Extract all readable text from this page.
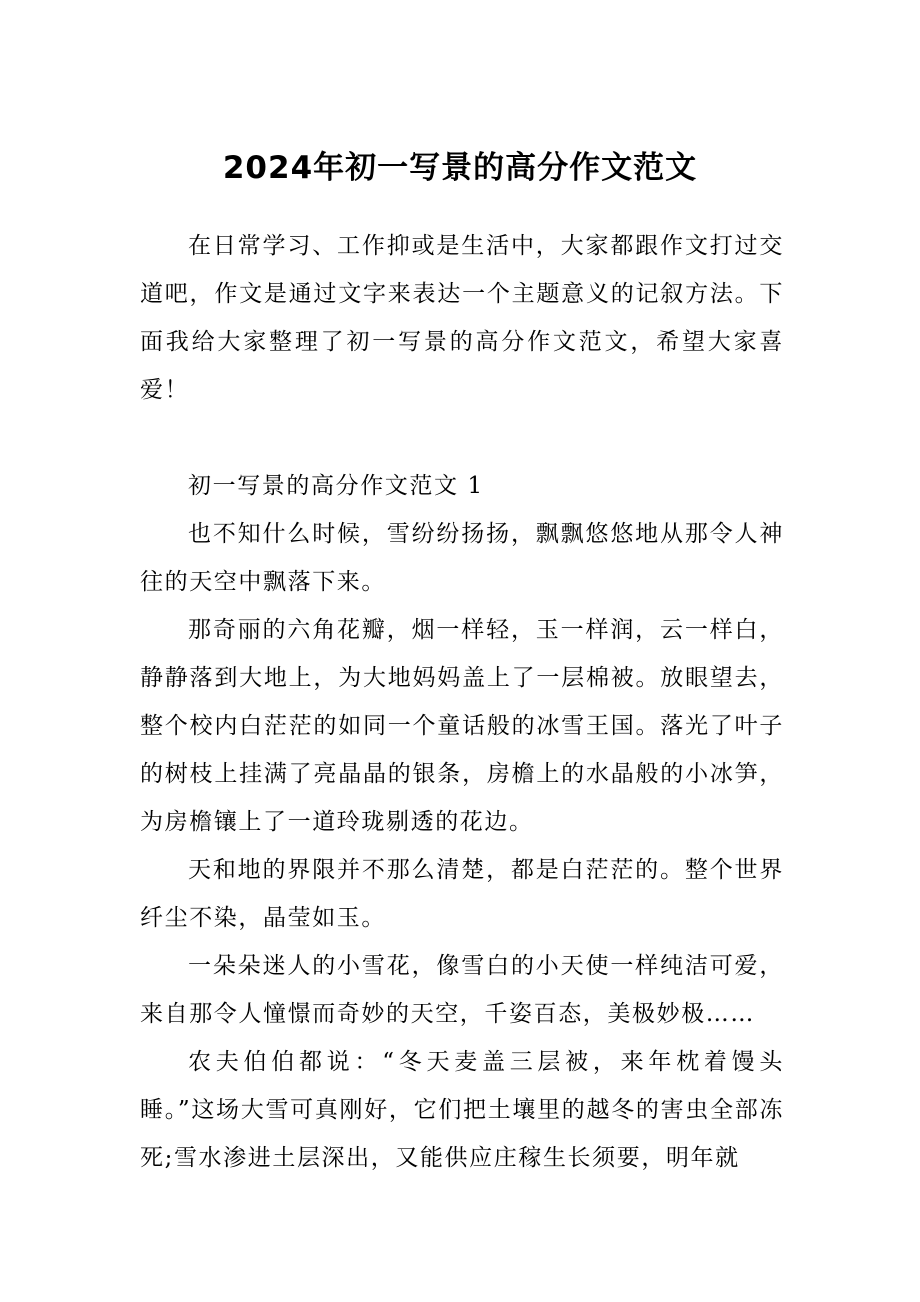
2024年初一写景的高分作文范文

在日常学习、工作抑或是生活中，大家都跟作文打过交道吧，作文是通过文字来表达一个主题意义的记叙方法。下面我给大家整理了初一写景的高分作文范文，希望大家喜爱！

初一写景的高分作文范文 1

也不知什么时候，雪纷纷扬扬，飘飘悠悠地从那令人神往的天空中飘落下来。

那奇丽的六角花瓣，烟一样轻，玉一样润，云一样白，静静落到大地上，为大地妈妈盖上了一层棉被。放眼望去，整个校内白茫茫的如同一个童话般的冰雪王国。落光了叶子的树枝上挂满了亮晶晶的银条，房檐上的水晶般的小冰笋，为房檐镶上了一道玲珑剔透的花边。

天和地的界限并不那么清楚，都是白茫茫的。整个世界纤尘不染，晶莹如玉。

一朵朵迷人的小雪花，像雪白的小天使一样纯洁可爱，来自那令人憧憬而奇妙的天空，千姿百态，美极妙极……

农夫伯伯都说：“冬天麦盖三层被，来年枕着馒头睡。”这场大雪可真刚好，它们把土壤里的越冬的害虫全部冻死;雪水渗进土层深出，又能供应庄稼生长须要，明年就
